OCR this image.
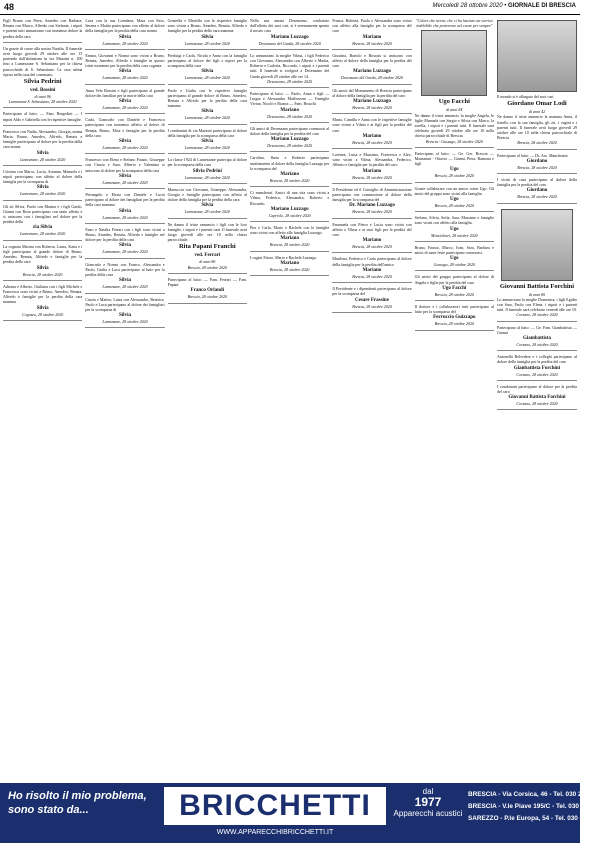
48	Mercoledì 28 ottobre 2020 • GIORNALE DI BRESCIA
Figli Bruno con Piera, Amedeo con Barbara, Renata con Marco, Alfredo con Stefania, i nipoti e parenti tutti annunciano con immenso dolore la perdita della cara
Un grazie di cuore alla nostra Natalia. Il funerale avrà luogo giovedì 29 ottobre alle ore 15 partendo dall'abitazione in via Mazzini n. 100 fino a Lumezzane S. Sebastiano per la chiesa parrocchiale di S. Sebastiano. La cara salma riposa nella casa del commiato.
Silvia Pedrini
ved. Bossini
di anni 96
Lumezzane S. Sebastiano, 28 ottobre 2020
Partecipano al lutto: — Fam. Bergedini — I nipoti Aldo e Gabriella con le rispettive famiglie.
Francesco con Nadia, Alessandro, Giorgia, nonna Maria, Bruno, Amedeo, Alfredo, Renata e famiglie partecipano al dolore per la perdita della cara nonna
Silvia
Lumezzane, 28 ottobre 2020
Cristian con Marco, Lucia, Arianna, Manuela e i nipoti partecipano con affetto al dolore della famiglia per la scomparsa di
Silvia
Lumezzane, 28 ottobre 2020
Gli zii Silvia, Paolo con Marina e i figli Guido, Gianni con Rosa partecipano con tanto affetto e si uniscono con i famigliari nel dolore per la perdita della
zia Silvia
Lumezzane, 28 ottobre 2020
La cognata Marina con Roberta, Laura, Katia e i figli partecipano al grande dolore di Bruno, Amedeo, Renata, Alfredo e famiglie per la perdita della cara
Silvia
Brescia, 28 ottobre 2020
Adriana e Alberto, Giuliana con i figli Michele e Francesca sono vicini a Bruno, Amedeo, Renata, Alfredo e famiglie per la perdita della cara mamma
Silvia
Cogozzo, 28 ottobre 2020
Luca con la sua Loredana, Mara con Ezio, Serena e Mattia partecipano con affetto al dolore della famiglia per la perdita della cara nonna
Silvia
Lumezzane, 28 ottobre 2020
Emma, Giovanni e Nonna sono vicini a Bruno, Renata, Amedeo, Alfredo e famiglie in questo triste momento per la perdita della cara cognata
Silvia
Lumezzane, 28 ottobre 2020
Anna Vela Bossini e figli partecipano al grande dolore dei familiari per la morte della cara
Silvia
Lumezzane, 28 ottobre 2020
Carla, Giancarlo con Daniele e Francesca partecipano con immenso affetto al dolore di Renata, Bruno, Elisa e famiglie per la perdita della cara
Silvia
Lumezzane, 28 ottobre 2020
Francesco con Elena e Stefano Fausto, Giuseppe con Cinzia e Sara, Alberto e Valentina si uniscono al dolore per la scomparsa della cara
Silvia
Lumezzane, 28 ottobre 2020
Pierangelo e Elena con Daniele e Lucia partecipano al dolore dei famigliari per la perdita della cara mamma
Silvia
Lumezzane, 28 ottobre 2020
Enzo e Natalia Ferrari con i figli sono vicini a Bruno, Amedeo, Renata, Alfredo e famiglie nel dolore per la perdita della cara
Silvia
Lumezzane, 28 ottobre 2020
Giancarlo e Noemi con Franco, Alessandra e Paolo, Giulia e Luca partecipano al lutto per la perdita della cara
Silvia
Lumezzane, 28 ottobre 2020
Cinzia e Matteo, Luisa con Alessandro, Beatrice, Paolo e Luca partecipano al dolore dei famigliari per la scomparsa di
Silvia
Lumezzane, 28 ottobre 2020
Graziella e Mariella con le rispettive famiglie sono vicine a Bruno, Amedeo, Renata, Alfredo e famiglie per la perdita della cara mamma
Silvia
Lumezzane, 28 ottobre 2020
Pierluigi e Carla, Nicola e Anna con la famiglia partecipano al dolore dei figli e nipoti per la scomparsa della cara
Silvia
Lumezzane, 28 ottobre 2020
Paolo e Giulia con le rispettive famiglie partecipano al grande dolore di Bruno, Amedeo, Renata e Alfredo per la perdita della cara mamma
Silvia
Lumezzane, 28 ottobre 2020
I condomini di via Mazzini partecipano al dolore della famiglia per la scomparsa della cara
Silvia
Lumezzane, 28 ottobre 2020
La classe 1924 di Lumezzane partecipa al dolore per la scomparsa della cara
Silvia Pedrini
Lumezzane, 28 ottobre 2020
Mariuccia con Giovanni, Giuseppe, Alessandra, Giorgio e famiglie partecipano con affetto al dolore della famiglia per la perdita della cara
Silvia
Lumezzane, 28 ottobre 2020
Ne danno il triste annuncio i figli con le loro famiglie, i nipoti e i parenti tutti. Il funerale avrà luogo giovedì alle ore 10 nella chiesa parrocchiale.
Rita Papani Franchi
ved. Ferrari
di anni 86
Brescia, 28 ottobre 2020
Partecipano al lutto: — Fam. Ferrari — Fam. Papani
Franco Orlandi
Brescia, 28 ottobre 2020
Nella sua amata Desenzano, confortato dall'affetto dei suoi cari, si è serenamente spento il nostro caro
Mariano Luzzago
Desenzano del Garda, 28 ottobre 2020
Lo annunciano la moglie Vilma, i figli Federico con Giovanna, Alessandra con Alberto e Mattia, Roberto e Carlotta, Riccardo, i nipoti e i parenti tutti. Il funerale si svolgerà a Desenzano del Garda giovedì 29 ottobre alle ore 14.
Desenzano, 28 ottobre 2020
Partecipano al lutto: — Paolo, Anna e figli — Luigia e Alessandra Maffezzoni — Famiglie Vivian, Nicolò e Bianca — Fam. Bruschi
Mariano
Desenzano, 28 ottobre 2020
Gli amici di Desenzano partecipano commossi al dolore della famiglia per la perdita del caro
Mariano Luzzago
Desenzano, 28 ottobre 2020
Carolina, Ilaria e Roberto partecipano sentitamente al dolore della famiglia Luzzago per la scomparsa del
Mariano
Brescia, 28 ottobre 2020
Ci mancherai. Amici di una vita sono vicini a Vilma, Federico, Alessandra, Roberto e Riccardo.
Mariano Luzzago
Capriolo, 28 ottobre 2020
Pier e Carla, Mario e Rachele con le famiglie sono vicini con affetto alla famiglia Luzzago.
Mariano
Brescia, 28 ottobre 2020
I cugini Ettore, Mario e Rachele Luzzago.
Mariano
Brescia, 28 ottobre 2020
Franca, Roberta, Paolo e Alessandra sono vicini con affetto alla famiglia per la scomparsa del caro
Mariano
Brescia, 28 ottobre 2020
Giustina, Bartolo e Rosaria si uniscono con affetto al dolore della famiglia per la perdita del caro
Mariano Luzzago
Desenzano del Garda, 28 ottobre 2020
Gli amici del Monumento di Brescia partecipano al dolore della famiglia per la perdita del caro
Mariano Luzzago
Brescia, 28 ottobre 2020
Maria, Camilla e Anna con le rispettive famiglie sono vicine a Vilma e ai figli per la perdita del caro
Mariano
Brescia, 28 ottobre 2020
Lorenza, Luisa e Massimo, Francesca e Alex, sono vicini a Vilma, Alessandra, Federico, Alberto e famiglie per la perdita del caro
Mariano
Brescia, 28 ottobre 2020
Il Presidente ed il Consiglio di Amministrazione partecipano con commozione al dolore della famiglia per la scomparsa del
Dr. Mariano Luzzago
Brescia, 28 ottobre 2020
Emanuela con Pietro e Lucia sono vicini con affetto a Vilma e ai suoi figli per la perdita del caro
Mariano
Brescia, 28 ottobre 2020
Marilena, Federica e Carlo partecipano al dolore della famiglia per la perdita dell'amico
Mariano
Brescia, 28 ottobre 2020
Il Presidente e i dipendenti partecipano al dolore per la scomparsa del
Cesare Frassine
Brescia, 28 ottobre 2020
"Colore che aveva, che ci ha lasciato un sorriso indelebile che porteremo nel cuore per sempre"
Ugo Facchi
di anni 84
Ne danno il triste annuncio la moglie Angela, le figlie Manuela con Sergio e Silvia con Marco, la sorella, i nipoti e i parenti tutti. Il funerale sarà celebrato giovedì 29 ottobre alle ore 10 nella chiesa parrocchiale di Brescia.
Brescia - Gussago, 28 ottobre 2020
Partecipano al lutto: — Ge. Ger. Brescia — Montanari - Ottavio — Gianni, Piera, Ramona e figli
Ugo
Brescia, 28 ottobre 2020
Grazie collaborare con un amico come Ugo. Gli amici del gruppo sono vicini alla famiglia.
Ugo
Brescia, 28 ottobre 2020
Stefano, Silvia, Sofia, Sara, Massimo e famiglie sono vicini con affetto alla famiglia.
Ugo
Montichiari, 28 ottobre 2020
Bruno, Fausto, Marco, Ivan, Sara, Barbara e amici di tante feste partecipano commossi.
Ugo
Gussago, 28 ottobre 2020
Gli amici del gruppo partecipano al dolore di Angela e figlie per la perdita del caro
Ugo Facchi
Brescia, 28 ottobre 2020
Il dottore e i collaboratori tutti partecipano al lutto per la scomparsa del
Ferruccio Guizzapo
Brescia, 28 ottobre 2020
Il mondo si è allargato del suoi cari
Giordano Omar Lodi
di anni 42
Ne danno il triste annuncio la mamma Anna, il fratello con la sua famiglia, gli zii, i cugini e i parenti tutti. Il funerale avrà luogo giovedì 29 ottobre alle ore 10 nella chiesa parrocchiale di Brescia.
Brescia, 28 ottobre 2020
Partecipano al lutto: — Dr. Ass. Manchesini
Giordano
Brescia, 28 ottobre 2020
I vicini di casa partecipano al dolore della famiglia per la perdita del caro
Giordano
Brescia, 28 ottobre 2020
Giovanni Battista Forchini
di anni 80
Lo annunciano la moglie Domenica, i figli Egidio con Sara, Paolo con Elena, i nipoti e i parenti tutti. Il funerale sarà celebrato venerdì alle ore 10.
Corzano, 28 ottobre 2020
Partecipano al lutto: — Ge. Fam. Gianbattista — Gianni
Giambattista
Corzano, 28 ottobre 2020
Antonella Belvedere e i colleghi partecipano al dolore della famiglia per la perdita del caro
Gianbattista Forchini
Corzano, 28 ottobre 2020
I condomini partecipano al dolore per la perdita del caro
Giovanni Battista Forchini
Corzano, 28 ottobre 2020
Ho risolto il mio problema, sono stato da...	BRICCHETTI
WWW.APPARECCHIBRICCHETTI.IT
dal
1977
Apparecchi acustici
BRESCIA - Via Corsica, 46 - Tel. 030 2429431
BRESCIA - V.le Piave 195/C - Tel. 030 5235195
SAREZZO - P.le Europa, 54 - Tel. 030 8908110
